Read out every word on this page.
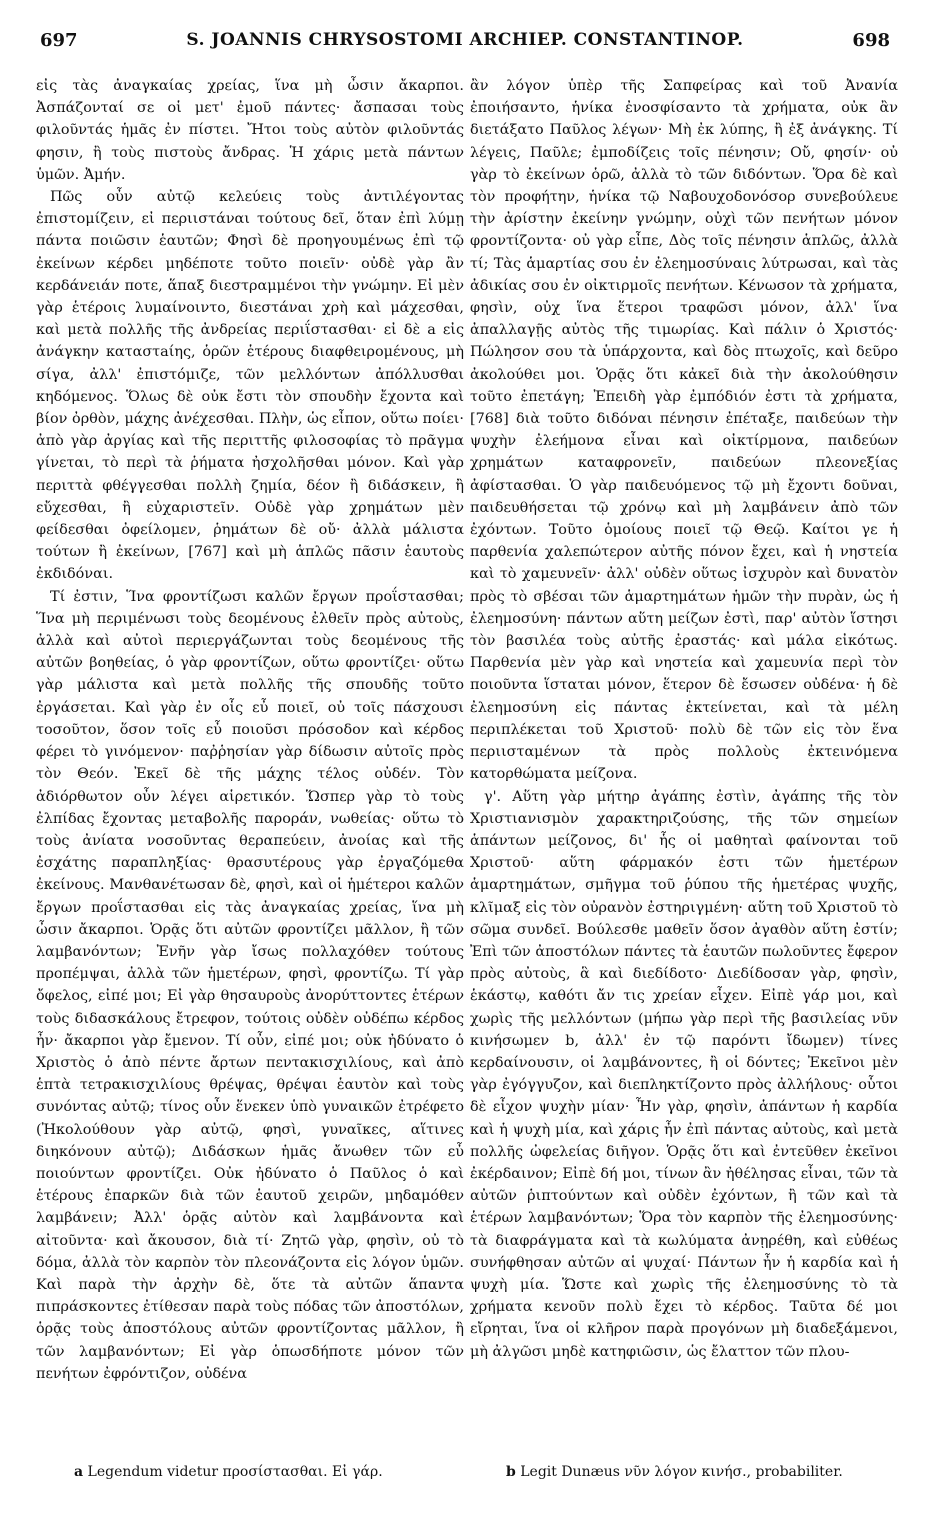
697	S. JOANNIS CHRYSOSTOMI ARCHIEP. CONSTANTINOP.	698

εἰς τὰς ἀναγκαίας χρείας, ἵνα μὴ ὦσιν ἄκαρποι. Ἀσπάζονταί σε οἱ μετ' ἐμοῦ πάντες· ἄσπασαι τοὺς φιλοῦντάς ἡμᾶς ἐν πίστει. Ἤτοι τοὺς αὐτὸν φιλοῦντάς φησιν, ἢ τοὺς πιστοὺς ἄνδρας. Ἡ χάρις μετὰ πάντων ὑμῶν. Ἀμήν.

Πῶς οὖν αὐτῷ κελεύεις τοὺς ἀντιλέγοντας ἐπιστομίζειν, εἰ περιιστάναι τούτους δεῖ, ὅταν ἐπὶ λύμῃ πάντα ποιῶσιν ἑαυτῶν; Φησὶ δὲ προηγουμένως ἐπὶ τῷ ἐκείνων κέρδει μηδέποτε τοῦτο ποιεῖν· οὐδὲ γὰρ ἂν κερδάνειάν ποτε, ἅπαξ διεστραμμένοι τὴν γνώμην. Εἰ μὲν γὰρ ἑτέροις λυμαίνοιντο, διεστάναι χρὴ καὶ μάχεσθαι, καὶ μετὰ πολλῆς τῆς ἀνδρείας περιΐστασθαι· εἰ δὲ a εἰς ἀνάγκην καταστaίης, ὁρῶν ἑτέρους διαφθειρομένους, μὴ σίγα, ἀλλ' ἐπιστόμιζε, τῶν μελλόντων ἀπόλλυσθαι κηδόμενος. Ὅλως δὲ οὐκ ἔστι τὸν σπουδὴν ἔχοντα καὶ βίον ὀρθὸν, μάχης ἀνέχεσθαι. Πλὴν, ὡς εἶπον, οὕτω ποίει· ἀπὸ γὰρ ἀργίας καὶ τῆς περιττῆς φιλοσοφίας τὸ πρᾶγμα γίνεται, τὸ περὶ τὰ ῥήματα ἠσχολῆσθαι μόνον. Καὶ γὰρ περιττὰ φθέγγεσθαι πολλὴ ζημία, δέον ἢ διδάσκειν, ἢ εὔχεσθαι, ἢ εὐχαριστεῖν. Οὐδὲ γὰρ χρημάτων μὲν φείδεσθαι ὀφείλομεν, ῥημάτων δὲ οὔ· ἀλλὰ μάλιστα τούτων ἢ ἐκείνων, [767] καὶ μὴ ἁπλῶς πᾶσιν ἑαυτοὺς ἐκδιδόναι.

Τί ἐστιν, Ἵνα φροντίζωσι καλῶν ἔργων προΐστασθαι; Ἵνα μὴ περιμένωσι τοὺς δεομένους ἐλθεῖν πρὸς αὐτοὺς, ἀλλὰ καὶ αὐτοὶ περιεργάζωνται τοὺς δεομένους τῆς αὐτῶν βοηθείας, ὁ γὰρ φροντίζων, οὕτω φροντίζει· οὕτω γὰρ μάλιστα καὶ μετὰ πολλῆς τῆς σπουδῆς τοῦτο ἐργάσεται. Καὶ γὰρ ἐν οἷς εὖ ποιεῖ, οὐ τοῖς πάσχουσι τοσοῦτον, ὅσον τοῖς εὖ ποιοῦσι πρόσοδον καὶ κέρδος φέρει τὸ γινόμενον· παῤῥησίαν γὰρ δίδωσιν αὐτοῖς πρὸς τὸν Θεόν. Ἐκεῖ δὲ τῆς μάχης τέλος οὐδέν. Τὸν ἀδιόρθωτον οὖν λέγει αἱρετικόν. Ὥσπερ γὰρ τὸ τοὺς ἐλπίδας ἔχοντας μεταβολῆς παροράν, νωθείας· οὕτω τὸ τοὺς ἀνίατα νοσοῦντας θεραπεύειν, ἀνοίας καὶ τῆς ἐσχάτης παραπληξίας· θρασυτέρους γὰρ ἐργαζόμεθα ἐκείνους. Μανθανέτωσαν δὲ, φησὶ, καὶ οἱ ἡμέτεροι καλῶν ἔργων προΐστασθαι εἰς τὰς ἀναγκαίας χρείας, ἵνα μὴ ὦσιν ἄκαρποι. Ὁρᾷς ὅτι αὐτῶν φροντίζει μᾶλλον, ἢ τῶν λαμβανόντων; Ἐνῆν γὰρ ἴσως πολλαχόθεν τούτους προπέμψαι, ἀλλὰ τῶν ἡμετέρων, φησὶ, φροντίζω. Τί γὰρ ὄφελος, εἰπέ μοι; Εἰ γὰρ θησαυροὺς ἀνορύττοντες ἑτέρων τοὺς διδασκάλους ἔτρεφον, τούτοις οὐδὲν οὐδέπω κέρδος ἦν· ἄκαρποι γὰρ ἔμενον. Τί οὖν, εἰπέ μοι; οὐκ ἠδύνατο ὁ Χριστὸς ὁ ἀπὸ πέντε ἄρτων πεντακισχιλίους, καὶ ἀπὸ ἑπτὰ τετρακισχιλίους θρέψας, θρέψαι ἑαυτὸν καὶ τοὺς συνόντας αὐτῷ; τίνος οὖν ἕνεκεν ὑπὸ γυναικῶν ἐτρέφετο (Ἠκολούθουν γὰρ αὐτῷ, φησὶ, γυναῖκες, αἵτινες διηκόνουν αὐτῷ); Διδάσκων ἡμᾶς ἄνωθεν τῶν εὖ ποιούντων φροντίζει. Οὐκ ἠδύνατο ὁ Παῦλος ὁ καὶ ἑτέρους ἐπαρκῶν διὰ τῶν ἑαυτοῦ χειρῶν, μηδαμόθεν λαμβάνειν; Ἀλλ' ὁρᾷς αὐτὸν καὶ λαμβάνοντα καὶ αἰτοῦντα· καὶ ἄκουσον, διὰ τί· Ζητῶ γὰρ, φησὶν, οὐ τὸ δόμα, ἀλλὰ τὸν καρπὸν τὸν πλεονάζοντα εἰς λόγον ὑμῶν. Καὶ παρὰ τὴν ἀρχὴν δὲ, ὅτε τὰ αὐτῶν ἅπαντα πιπράσκοντες ἐτίθεσαν παρὰ τοὺς πόδας τῶν ἀποστόλων, ὁρᾷς τοὺς ἀποστόλους αὐτῶν φροντίζοντας μᾶλλον, ἢ τῶν λαμβανόντων; Εἰ γὰρ ὁπωσδήποτε μόνον τῶν πενήτων ἐφρόντιζον, οὐδένα

ἂν λόγον ὑπὲρ τῆς Σαπφείρας καὶ τοῦ Ἀνανία ἐποιήσαντο, ἡνίκα ἐνοσφίσαντο τὰ χρήματα, οὐκ ἂν διετάξατο Παῦλος λέγων· Μὴ ἐκ λύπης, ἢ ἐξ ἀνάγκης. Τί λέγεις, Παῦλε; ἐμποδίζεις τοῖς πένησιν; Οὔ, φησίν· οὐ γὰρ τὸ ἐκείνων ὁρῶ, ἀλλὰ τὸ τῶν διδόντων. Ὅρα δὲ καὶ τὸν προφήτην, ἡνίκα τῷ Ναβουχοδονόσορ συνεβούλευε τὴν ἀρίστην ἐκείνην γνώμην, οὐχὶ τῶν πενήτων μόνον φροντίζοντα· οὐ γὰρ εἶπε, Δὸς τοῖς πένησιν ἁπλῶς, ἀλλὰ τί; Τὰς ἁμαρτίας σου ἐν ἐλεημοσύναις λύτρωσαι, καὶ τὰς ἀδικίας σου ἐν οἰκτιρμοῖς πενήτων. Κένωσον τὰ χρήματα, φησὶν, οὐχ ἵνα ἕτεροι τραφῶσι μόνον, ἀλλ' ἵνα ἀπαλλαγῇς αὐτὸς τῆς τιμωρίας. Καὶ πάλιν ὁ Χριστός· Πώλησον σου τὰ ὑπάρχοντα, καὶ δὸς πτωχοῖς, καὶ δεῦρο ἀκολούθει μοι. Ὁρᾷς ὅτι κἀκεῖ διὰ τὴν ἀκολούθησιν τοῦτο ἐπετάγη; Ἐπειδὴ γὰρ ἐμπόδιόν ἐστι τὰ χρήματα, [768] διὰ τοῦτο διδόναι πένησιν ἐπέταξε, παιδεύων τὴν ψυχὴν ἐλεήμονα εἶναι καὶ οἰκτίρμονα, παιδεύων χρημάτων καταφρονεῖν, παιδεύων πλεονεξίας ἀφίστασθαι. Ὁ γὰρ παιδευόμενος τῷ μὴ ἔχοντι δοῦναι, παιδευθήσεται τῷ χρόνῳ καὶ μὴ λαμβάνειν ἀπὸ τῶν ἐχόντων. Τοῦτο ὁμοίους ποιεῖ τῷ Θεῷ. Καίτοι γε ἡ παρθενία χαλεπώτερον αὐτῆς πόνον ἔχει, καὶ ἡ νηστεία καὶ τὸ χαμευνεῖν· ἀλλ' οὐδὲν οὕτως ἰσχυρὸν καὶ δυνατὸν πρὸς τὸ σβέσαι τῶν ἁμαρτημάτων ἡμῶν τὴν πυρὰν, ὡς ἡ ἐλεημοσύνη· πάντων αὕτη μείζων ἐστὶ, παρ' αὐτὸν ἵστησι τὸν βασιλέα τοὺς αὐτῆς ἐραστάς· καὶ μάλα εἰκότως. Παρθενία μὲν γὰρ καὶ νηστεία καὶ χαμευνία περὶ τὸν ποιοῦντα ἵσταται μόνον, ἕτερον δὲ ἔσωσεν οὐδένα· ἡ δὲ ἐλεημοσύνη εἰς πάντας ἐκτείνεται, καὶ τὰ μέλη περιπλέκεται τοῦ Χριστοῦ· πολὺ δὲ τῶν εἰς τὸν ἕνα περιισταμένων τὰ πρὸς πολλοὺς ἐκτεινόμενα κατορθώματα μείζονα.

γ'. Αὕτη γὰρ μήτηρ ἀγάπης ἐστὶν, ἀγάπης τῆς τὸν Χριστιανισμὸν χαρακτηριζούσης, τῆς τῶν σημείων ἁπάντων μείζονος, δι' ἧς οἱ μαθηταὶ φαίνονται τοῦ Χριστοῦ· αὕτη φάρμακόν ἐστι τῶν ἡμετέρων ἁμαρτημάτων, σμῆγμα τοῦ ῥύπου τῆς ἡμετέρας ψυχῆς, κλῖμαξ εἰς τὸν οὐρανὸν ἐστηριγμένη· αὕτη τοῦ Χριστοῦ τὸ σῶμα συνδεῖ. Βούλεσθε μαθεῖν ὅσον ἀγαθὸν αὕτη ἐστίν; Ἐπὶ τῶν ἀποστόλων πάντες τὰ ἑαυτῶν πωλοῦντες ἔφερον πρὸς αὐτοὺς, ἃ καὶ διεδίδοτο· Διεδίδοσαν γὰρ, φησὶν, ἑκάστῳ, καθότι ἄν τις χρείαν εἶχεν. Εἰπὲ γάρ μοι, καὶ χωρὶς τῆς μελλόντων (μήπω γὰρ περὶ τῆς βασιλείας νῦν κινήσωμεν b, ἀλλ' ἐν τῷ παρόντι ἴδωμεν) τίνες κερδαίνουσιν, οἱ λαμβάνοντες, ἢ οἱ δόντες; Ἐκεῖνοι μὲν γὰρ ἐγόγγυζον, καὶ διεπληκτίζοντο πρὸς ἀλλήλους· οὗτοι δὲ εἶχον ψυχὴν μίαν· Ἦν γὰρ, φησὶν, ἁπάντων ἡ καρδία καὶ ἡ ψυχὴ μία, καὶ χάρις ἦν ἐπὶ πάντας αὐτοὺς, καὶ μετὰ πολλῆς ὠφελείας διῆγον. Ὁρᾷς ὅτι καὶ ἐντεῦθεν ἐκεῖνοι ἐκέρδαινον; Εἰπὲ δή μοι, τίνων ἂν ἠθέλησας εἶναι, τῶν τὰ αὐτῶν ῥιπτούντων καὶ οὐδὲν ἐχόντων, ἢ τῶν καὶ τὰ ἑτέρων λαμβανόντων; Ὅρα τὸν καρπὸν τῆς ἐλεημοσύνης· τὰ διαφράγματα καὶ τὰ κωλύματα ἀνῃρέθη, καὶ εὐθέως συνήφθησαν αὐτῶν αἱ ψυχαί· Πάντων ἦν ἡ καρδία καὶ ἡ ψυχὴ μία. Ὥστε καὶ χωρὶς τῆς ἐλεημοσύνης τὸ τὰ χρήματα κενοῦν πολὺ ἔχει τὸ κέρδος. Ταῦτα δέ μοι εἴρηται, ἵνα οἱ κλῆρον παρὰ προγόνων μὴ διαδεξάμενοι, μὴ ἀλγῶσι μηδὲ κατηφιῶσιν, ὡς ἔλαττον τῶν πλου-

a Legendum videtur προσίστασθαι. Εἰ γάρ.	b Legit Dunæus νῦν λόγον κινήσ., probabiliter.
